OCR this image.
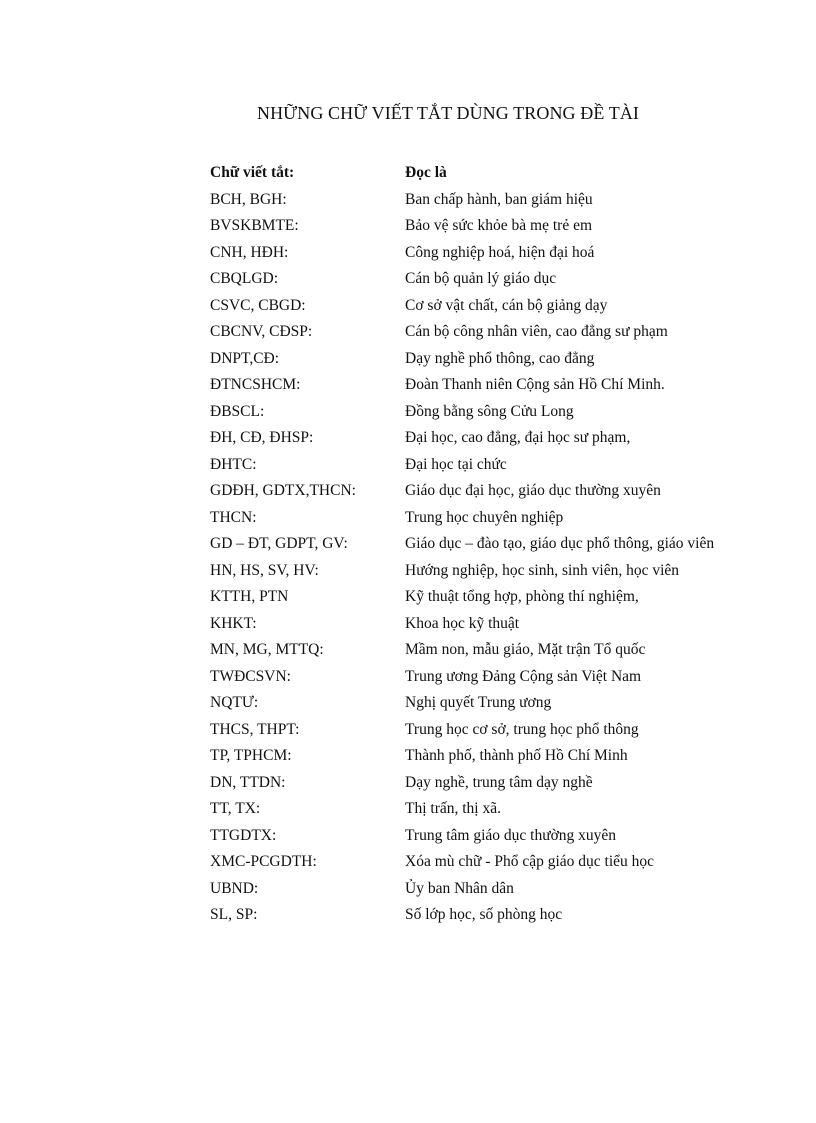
NHỮNG CHỮ VIẾT TẮT DÙNG TRONG ĐỀ TÀI
Chữ viết tắt:	Đọc là
BCH, BGH:	Ban chấp hành, ban giám hiệu
BVSKBMTE:	Bảo vệ sức khỏe bà mẹ trẻ em
CNH, HĐH:	Công nghiệp hoá, hiện đại hoá
CBQLGD:	Cán bộ quản lý giáo dục
CSVC, CBGD:	Cơ sở vật chất, cán bộ giảng dạy
CBCNV, CĐSP:	Cán bộ công nhân viên, cao đẳng sư phạm
DNPT,CĐ:	Dạy nghề phổ thông, cao đẳng
ĐTNCSHCM:	Đoàn Thanh niên Cộng sản Hồ Chí Minh.
ĐBSCL:	Đồng bằng sông Cửu Long
ĐH, CĐ, ĐHSP:	Đại học, cao đẳng, đại học sư phạm,
ĐHTC:	Đại học tại chức
GDĐH, GDTX,THCN:	Giáo dục đại học, giáo dục thường xuyên
THCN:	Trung học chuyên nghiệp
GD – ĐT, GDPT, GV:	Giáo dục – đào tạo, giáo dục phổ thông, giáo viên
HN, HS, SV, HV:	Hướng nghiệp, học sinh, sinh viên, học viên
KTTH, PTN	Kỹ thuật tổng hợp, phòng thí nghiệm,
KHKT:	Khoa học kỹ thuật
MN, MG, MTTQ:	Mầm non, mẫu giáo, Mặt trận Tổ quốc
TWĐCSVN:	Trung ương Đảng Cộng sản Việt Nam
NQTƯ:	Nghị quyết Trung ương
THCS, THPT:	Trung học cơ sở, trung học phổ thông
TP, TPHCM:	Thành phố, thành phố Hồ Chí Minh
DN, TTDN:	Dạy nghề, trung tâm dạy nghề
TT, TX:	Thị trấn, thị xã.
TTGDTX:	Trung tâm giáo dục thường xuyên
XMC-PCGDTH:	Xóa mù chữ - Phổ cập giáo dục tiểu học
UBND:	Ủy ban Nhân dân
SL, SP:	Số lớp học, số phòng học
